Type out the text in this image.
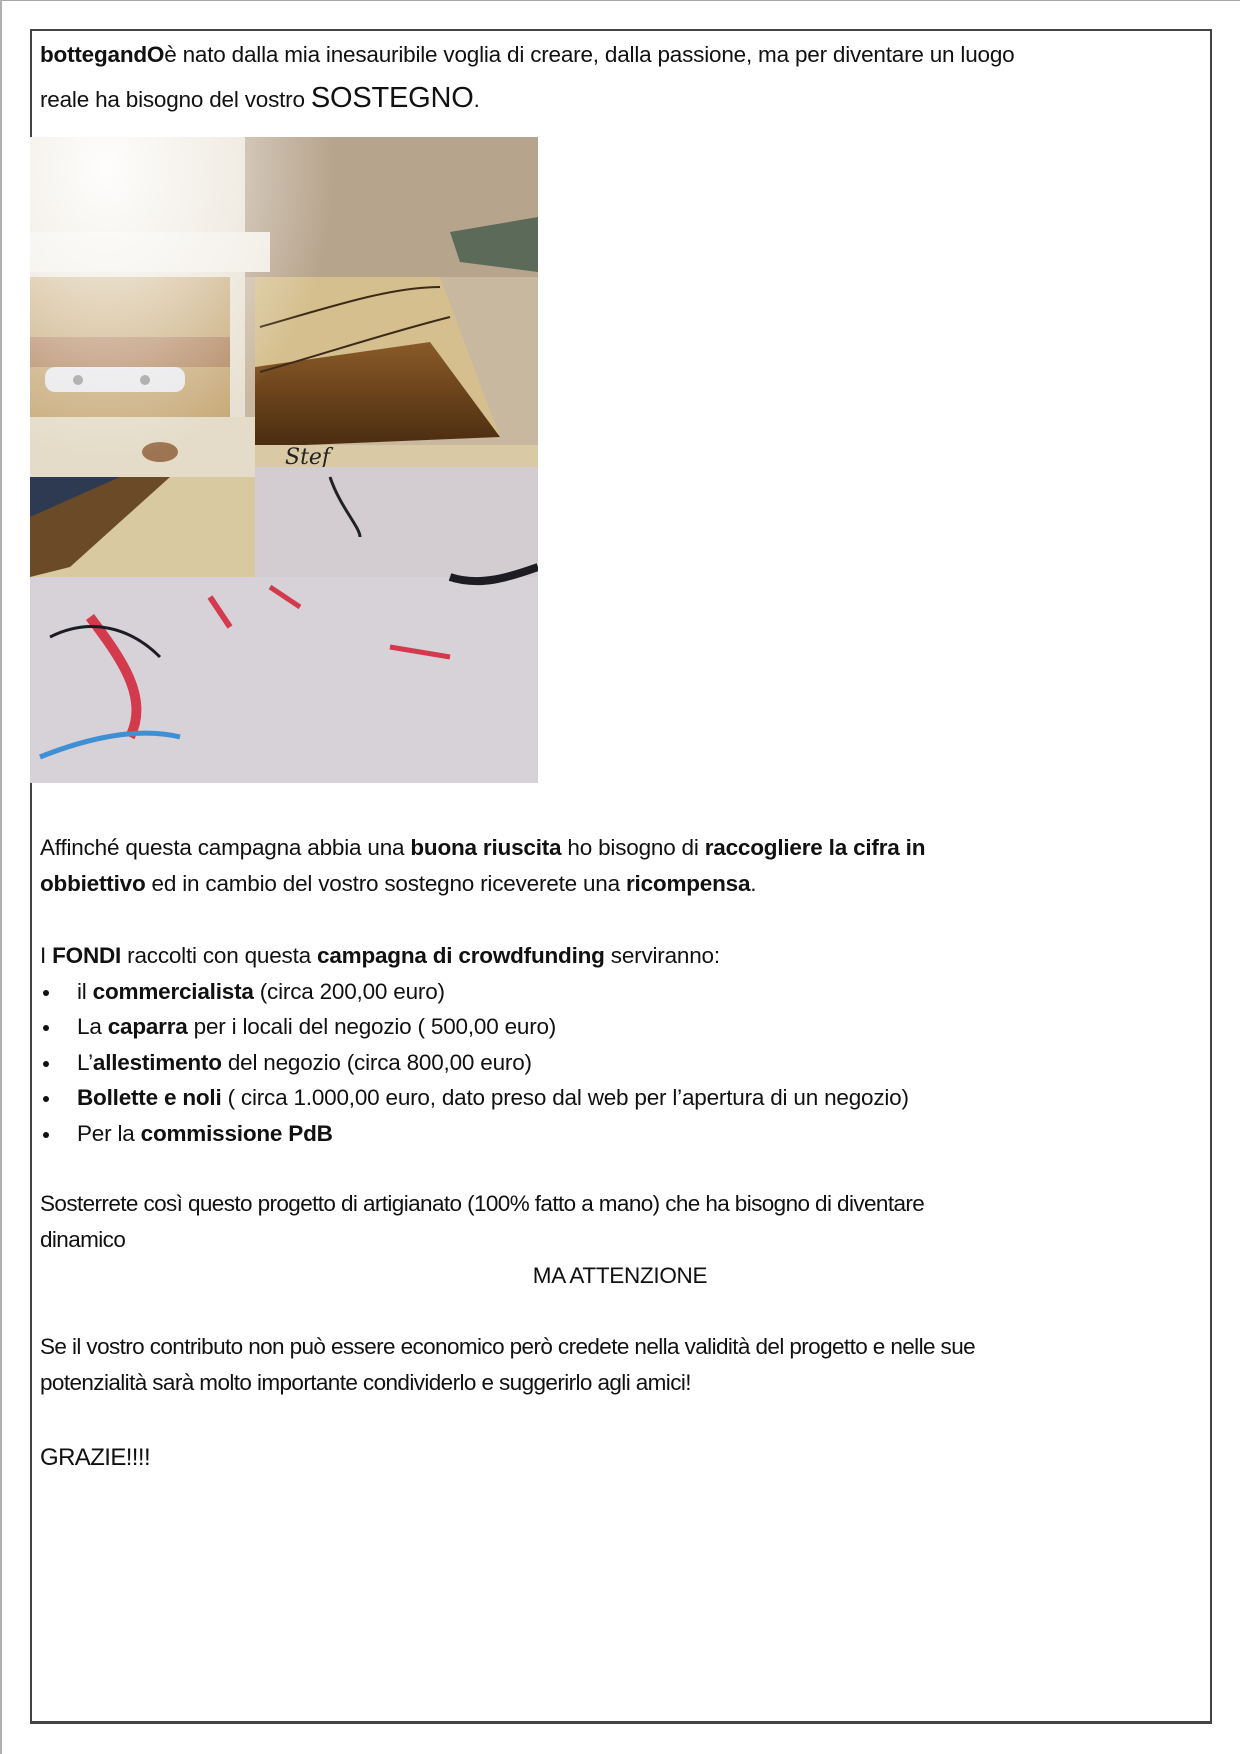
bottegandOè nato dalla mia inesauribile voglia di creare, dalla passione, ma per diventare un luogo
reale ha bisogno del vostro SOSTEGNO.
Affinché questa campagna abbia una buona riuscita ho bisogno di raccogliere la cifra in
obbiettivo ed in cambio del vostro sostegno riceverete una ricompensa.
I FONDI raccolti con questa campagna di crowdfunding serviranno:
il commercialista (circa 200,00 euro)
La caparra per i locali del negozio ( 500,00 euro)
L’allestimento del negozio (circa 800,00 euro)
Bollette e noli ( circa 1.000,00 euro, dato preso dal web per l’apertura di un negozio)
Per la commissione PdB
Sosterrete così questo progetto di artigianato (100% fatto a mano) che ha bisogno di diventare
dinamico
MA ATTENZIONE
Se il vostro contributo non può essere economico però credete nella validità del progetto e nelle sue
potenzialità sarà molto importante condividerlo e suggerirlo agli amici!
GRAZIE!!!!
